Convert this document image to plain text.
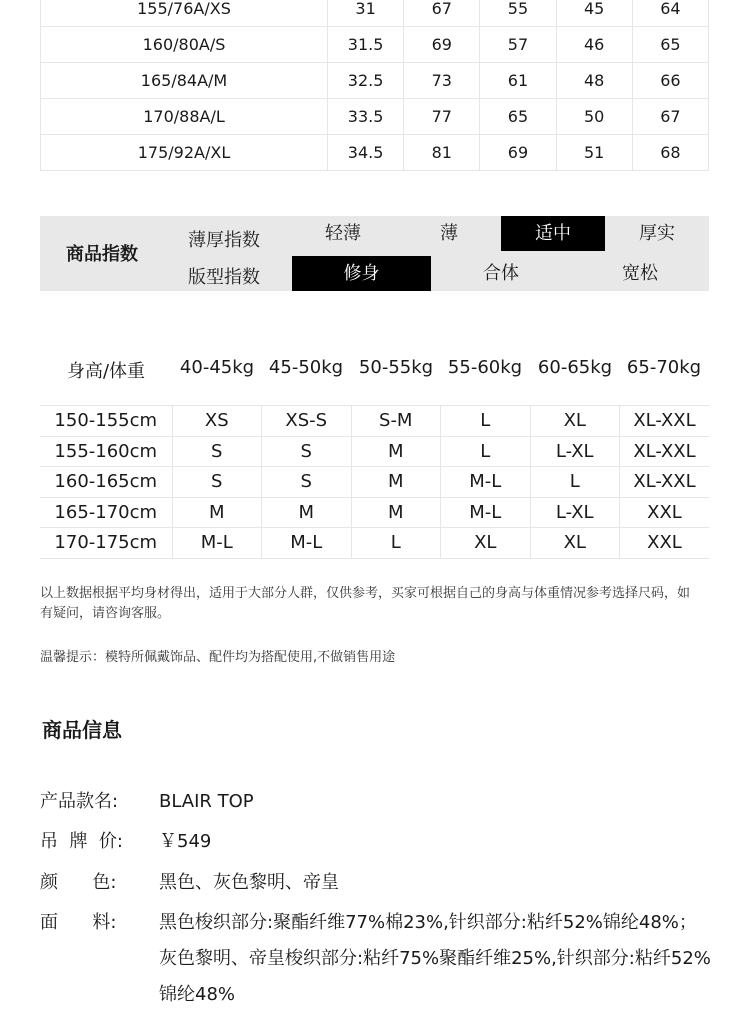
155/76A/XS	31	67	55	45	64
160/80A/S	31.5	69	57	46	65
165/84A/M	32.5	73	61	48	66
170/88A/L	33.5	77	65	50	67
175/92A/XL	34.5	81	69	51	68
商品指数
薄厚指数	轻薄	薄	适中	厚实
版型指数	修身	合体	宽松
身高/体重	40-45kg 45-50kg 50-55kg 55-60kg 60-65kg 65-70kg
150-155cm	XS	XS-S	S-M	L	XL	XL-XXL
155-160cm	S	S	M	L	L-XL	XL-XXL
160-165cm	S	S	M	M-L	L	XL-XXL
165-170cm	M	M	M	M-L	L-XL	XXL
170-175cm	M-L	M-L	L	XL	XL	XXL
以上数据根据平均身材得出，适用于大部分人群，仅供参考，买家可根据自己的身高与体重情况参考选择尺码，如有疑问，请咨询客服。
温馨提示：模特所佩戴饰品、配件均为搭配使用,不做销售用途
商品信息
产品款名:	BLAIR TOP
吊  牌  价:	￥549
颜      色:	黑色、灰色黎明、帝皇
面      料:	黑色梭织部分:聚酯纤维77%棉23%,针织部分:粘纤52%锦纶48%；灰色黎明、帝皇梭织部分:粘纤75%聚酯纤维25%,针织部分:粘纤52%锦纶48%
